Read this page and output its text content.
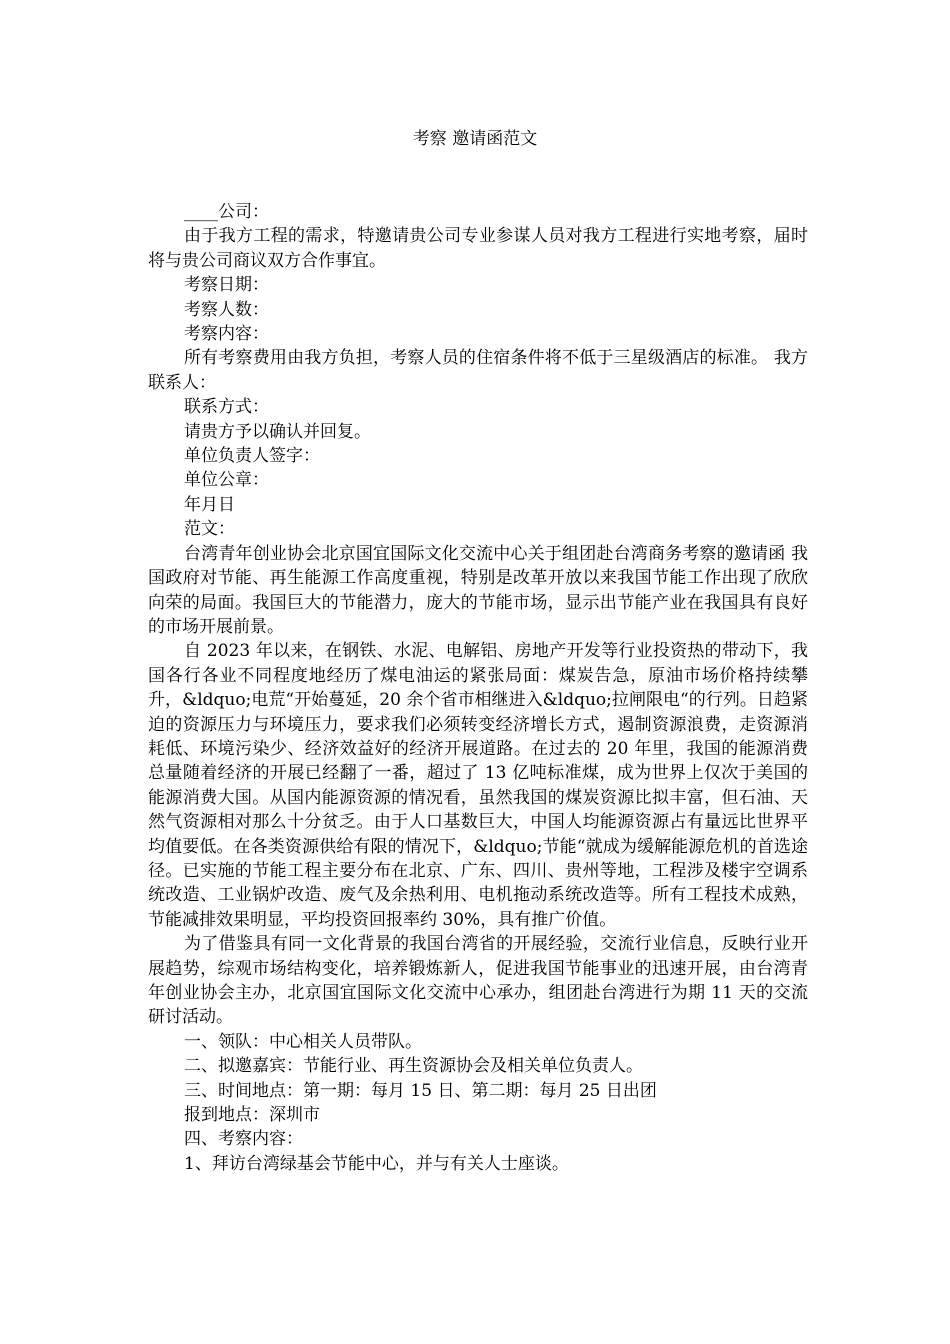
考察 邀请函范文

____公司：

由于我方工程的需求，特邀请贵公司专业参谋人员对我方工程进行实地考察，届时将与贵公司商议双方合作事宜。

考察日期：

考察人数：

考察内容：

所有考察费用由我方负担，考察人员的住宿条件将不低于三星级酒店的标准。 我方联系人：

联系方式：

请贵方予以确认并回复。

单位负责人签字：

单位公章：

年月日

范文：

台湾青年创业协会北京国宜国际文化交流中心关于组团赴台湾商务考察的邀请函 我国政府对节能、再生能源工作高度重视，特别是改革开放以来我国节能工作出现了欣欣向荣的局面。我国巨大的节能潜力，庞大的节能市场，显示出节能产业在我国具有良好的市场开展前景。

自 2023 年以来，在钢铁、水泥、电解铝、房地产开发等行业投资热的带动下，我国各行各业不同程度地经历了煤电油运的紧张局面：煤炭告急，原油市场价格持续攀升，&ldquo;电荒“开始蔓延，20 余个省市相继进入&ldquo;拉闸限电“的行列。日趋紧迫的资源压力与环境压力，要求我们必须转变经济增长方式，遏制资源浪费，走资源消耗低、环境污染少、经济效益好的经济开展道路。在过去的 20 年里，我国的能源消费总量随着经济的开展已经翻了一番，超过了 13 亿吨标准煤，成为世界上仅次于美国的能源消费大国。从国内能源资源的情况看，虽然我国的煤炭资源比拟丰富，但石油、天然气资源相对那么十分贫乏。由于人口基数巨大，中国人均能源资源占有量远比世界平均值要低。在各类资源供给有限的情况下，&ldquo;节能“就成为缓解能源危机的首选途径。已实施的节能工程主要分布在北京、广东、四川、贵州等地，工程涉及楼宇空调系统改造、工业锅炉改造、废气及余热利用、电机拖动系统改造等。所有工程技术成熟，节能减排效果明显，平均投资回报率约 30%，具有推广价值。

为了借鉴具有同一文化背景的我国台湾省的开展经验，交流行业信息，反映行业开展趋势，综观市场结构变化，培养锻炼新人，促进我国节能事业的迅速开展，由台湾青年创业协会主办，北京国宜国际文化交流中心承办，组团赴台湾进行为期 11 天的交流研讨活动。

一、领队：中心相关人员带队。

二、拟邀嘉宾：节能行业、再生资源协会及相关单位负责人。

三、时间地点：第一期：每月 15 日、第二期：每月 25 日出团

报到地点：深圳市

四、考察内容：

1、拜访台湾绿基会节能中心，并与有关人士座谈。
